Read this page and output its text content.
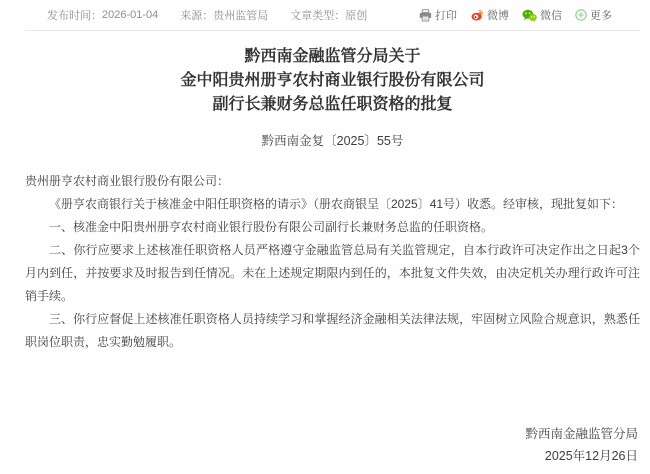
发布时间： 2026-01-04 来源： 贵州监管局 文章类型： 原创	打印	微博	微信	更多
黔西南金融监管分局关于
金中阳贵州册亨农村商业银行股份有限公司
副行长兼财务总监任职资格的批复
黔西南金复〔2025〕55号

贵州册亨农村商业银行股份有限公司：

《册亨农商银行关于核准金中阳任职资格的请示》（册农商银呈〔2025〕41号）收悉。经审核，现批复如下：

一、核准金中阳贵州册亨农村商业银行股份有限公司副行长兼财务总监的任职资格。

二、你行应要求上述核准任职资格人员严格遵守金融监管总局有关监管规定，自本行政许可决定作出之日起3个月内到任，并按要求及时报告到任情况。未在上述规定期限内到任的，本批复文件失效，由决定机关办理行政许可注销手续。

三、你行应督促上述核准任职资格人员持续学习和掌握经济金融相关法律法规，牢固树立风险合规意识，熟悉任职岗位职责，忠实勤勉履职。

黔西南金融监管分局
2025年12月26日
